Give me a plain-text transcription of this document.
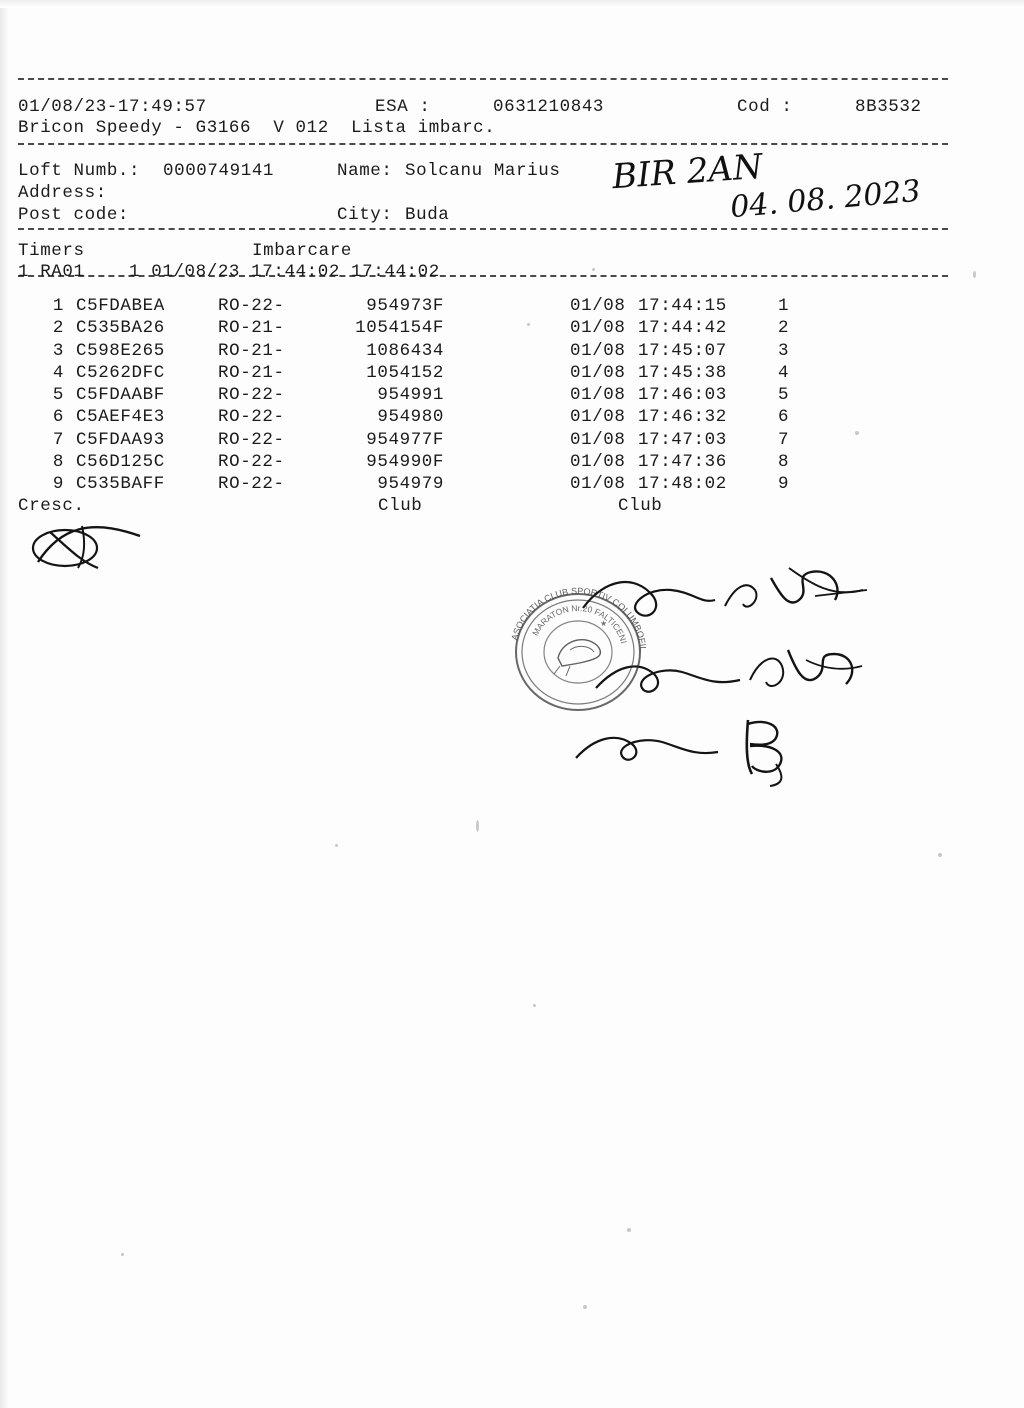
01/08/23-17:49:57	ESA :	0631210843	Cod :	8B3532
Bricon Speedy - G3166  V 012  Lista imbarc.
Loft Numb.: 0000749141	Name: Solcanu Marius
Address:
Post code:	City: Buda
Timers	Imbarcare
1 RA01    1 01/08/23 17:44:02 17:44:02
1 C5FDABEA	RO-22-	954973F	01/08 17:44:15	1
2 C535BA26	RO-21-	1054154F	01/08 17:44:42	2
3 C598E265	RO-21-	1086434	01/08 17:45:07	3
4 C5262DFC	RO-21-	1054152	01/08 17:45:38	4
5 C5FDAABF	RO-22-	954991	01/08 17:46:03	5
6 C5AEF4E3	RO-22-	954980	01/08 17:46:32	6
7 C5FDAA93	RO-22-	954977F	01/08 17:47:03	7
8 C56D125C	RO-22-	954990F	01/08 17:47:36	8
9 C535BAFF	RO-22-	954979	01/08 17:48:02	9
Cresc.	Club	Club
BIR 2AN
04. 08. 2023
ASOCIATIA CLUB SPORTIV COLUMBOFIL
MARATON Nr.20 FALTICENI
★
